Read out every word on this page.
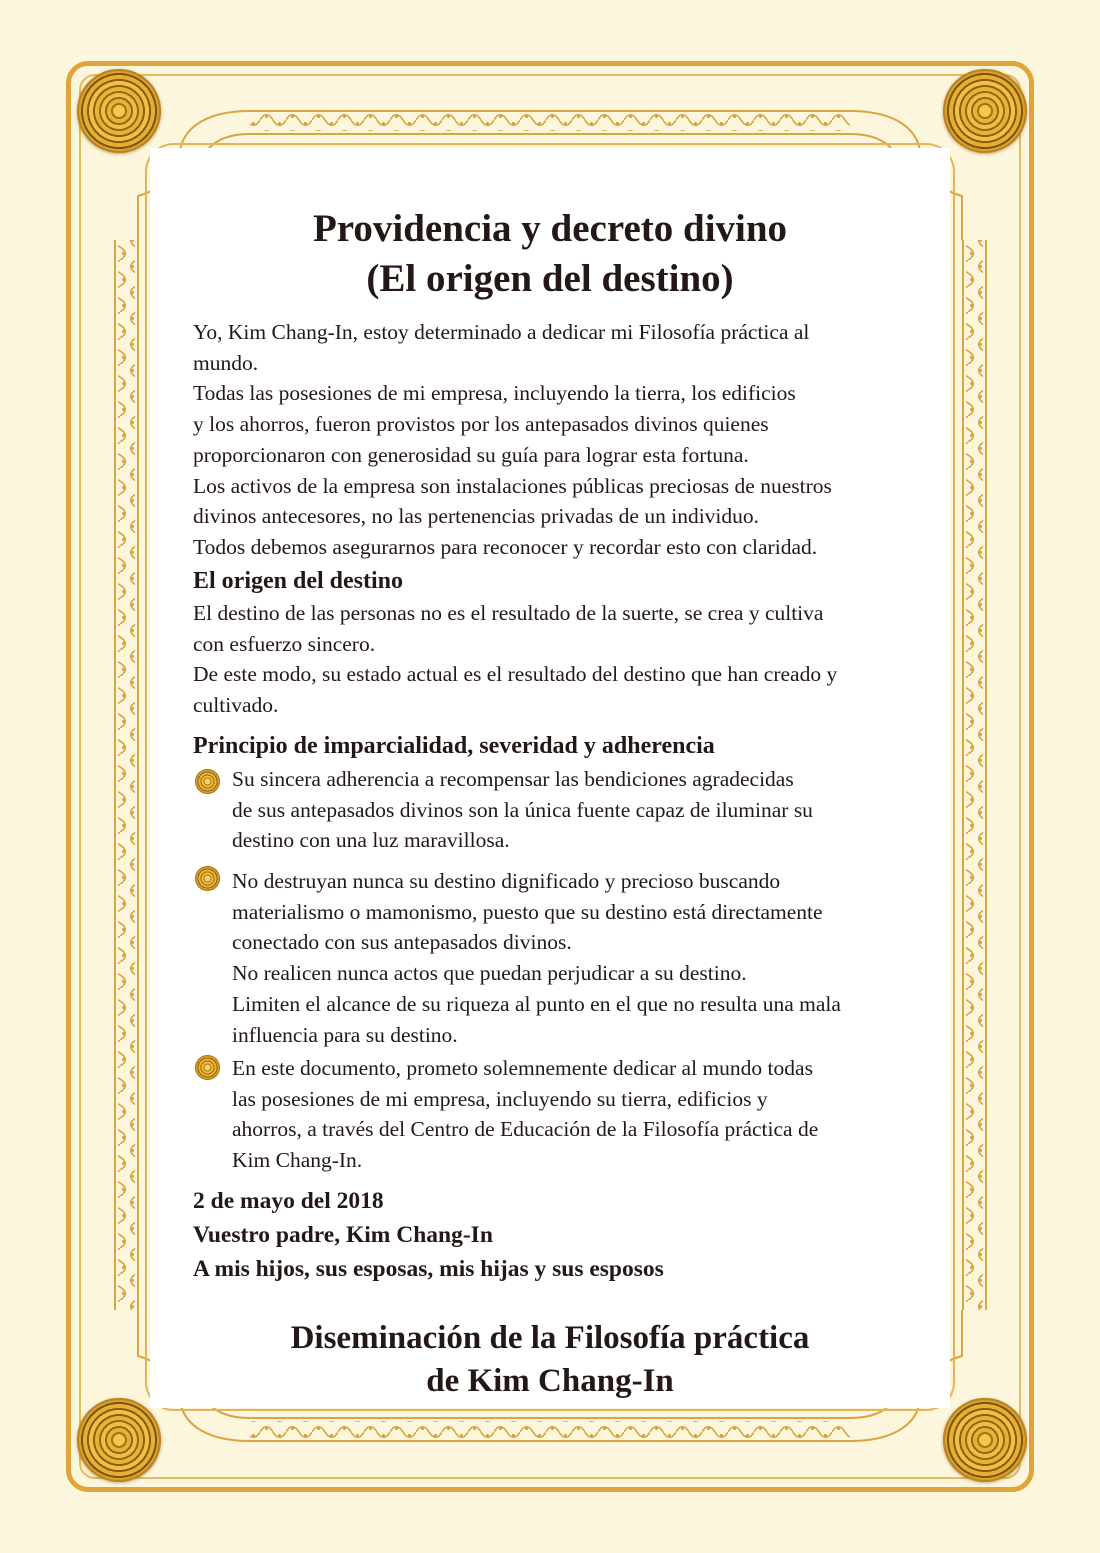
Providencia y decreto divino
(El origen del destino)

Yo, Kim Chang-In, estoy determinado a dedicar mi Filosofía práctica al
mundo.
Todas las posesiones de mi empresa, incluyendo la tierra, los edificios
y los ahorros, fueron provistos por los antepasados divinos quienes
proporcionaron con generosidad su guía para lograr esta fortuna.
Los activos de la empresa son instalaciones públicas preciosas de nuestros
divinos antecesores, no las pertenencias privadas de un individuo.
Todos debemos asegurarnos para reconocer y recordar esto con claridad.

El origen del destino

El destino de las personas no es el resultado de la suerte, se crea y cultiva
con esfuerzo sincero.
De este modo, su estado actual es el resultado del destino que han creado y
cultivado.

Principio de imparcialidad, severidad y adherencia

Su sincera adherencia a recompensar las bendiciones agradecidas
de sus antepasados divinos son la única fuente capaz de iluminar su
destino con una luz maravillosa.

No destruyan nunca su destino dignificado y precioso buscando
materialismo o mamonismo, puesto que su destino está directamente
conectado con sus antepasados divinos.
No realicen nunca actos que puedan perjudicar a su destino.
Limiten el alcance de su riqueza al punto en el que no resulta una mala
influencia para su destino.

En este documento, prometo solemnemente dedicar al mundo todas
las posesiones de mi empresa, incluyendo su tierra, edificios y
ahorros, a través del Centro de Educación de la Filosofía práctica de
Kim Chang-In.

2 de mayo del 2018

Vuestro padre, Kim Chang-In

A mis hijos, sus esposas, mis hijas y sus esposos

Diseminación de la Filosofía práctica
de Kim Chang-In
